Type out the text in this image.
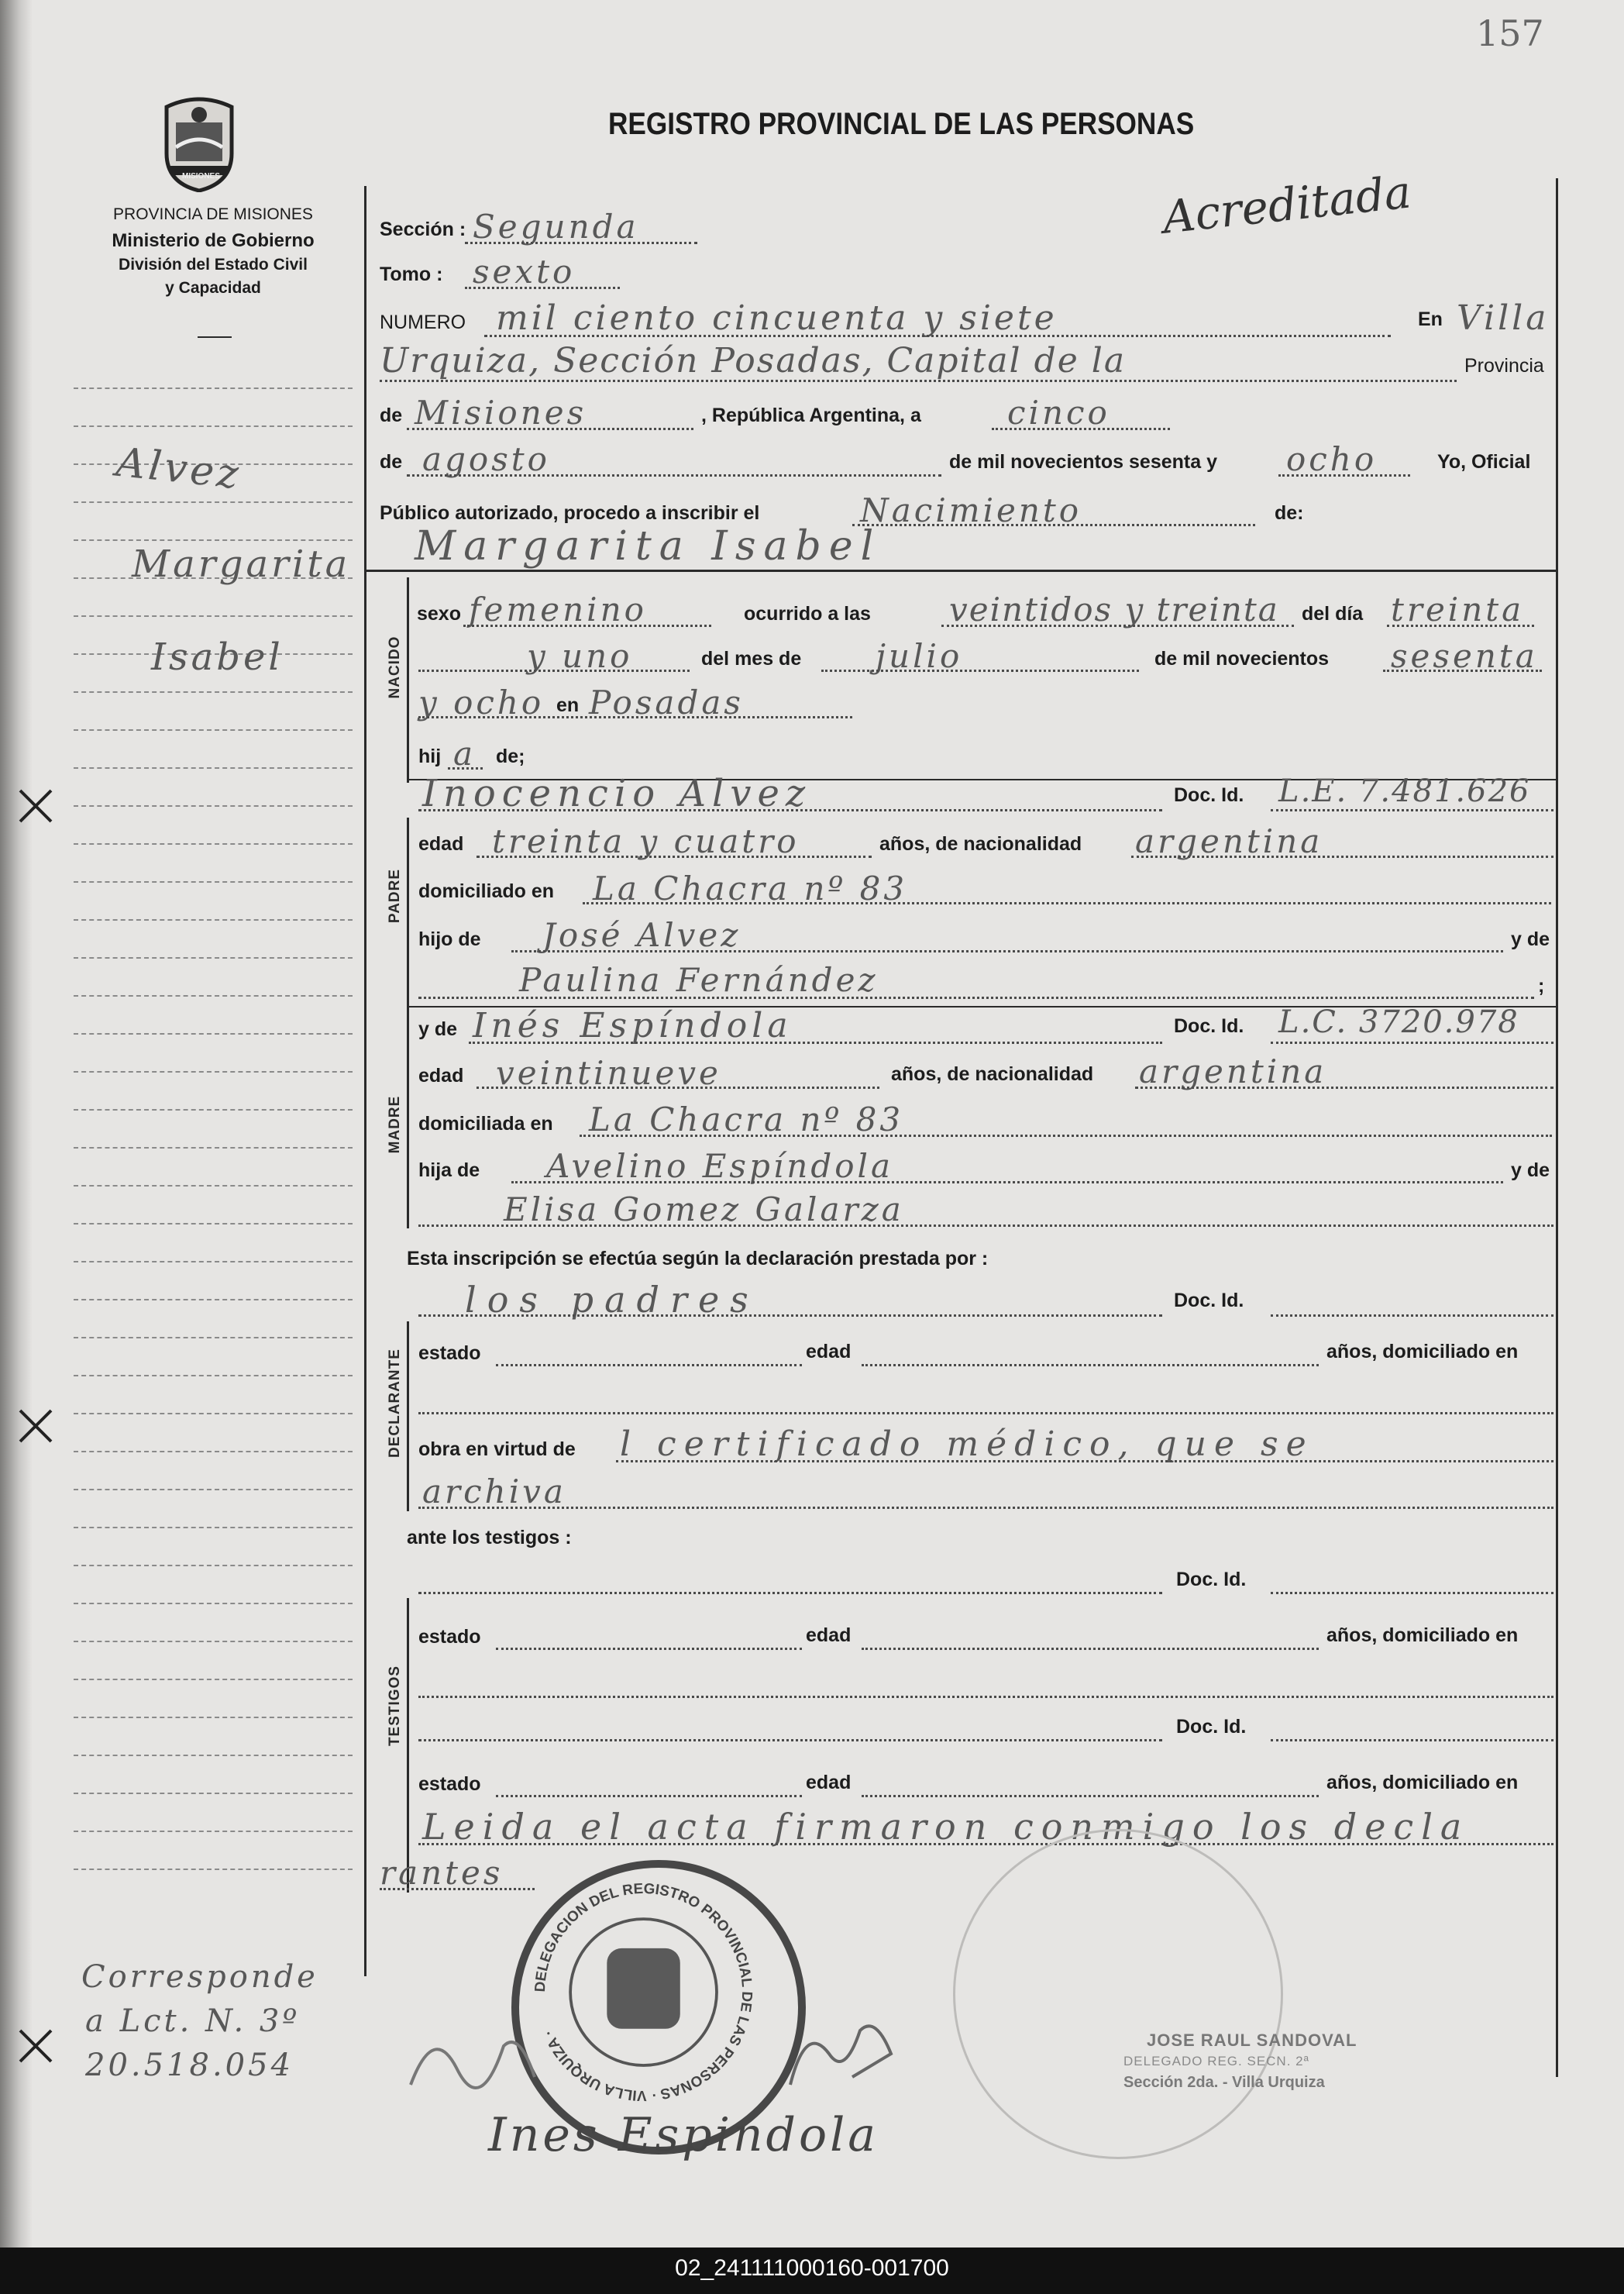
157
MISIONES
PROVINCIA DE MISIONES
Ministerio de Gobierno
División del Estado Civil
y Capacidad
REGISTRO PROVINCIAL DE LAS PERSONAS
Acreditada
Alvez
Margarita
Isabel
Corresponde
a Lct. N. 3º
20.518.054
Sección : Segunda
Tomo : sexto
NUMERO mil ciento cincuenta y siete	En Villa
Urquiza, Sección Posadas, Capital de la	Provincia
de Misiones	, República Argentina, a	cinco
de agosto	de mil novecientos sesenta y ocho	Yo, Oficial
Público autorizado, procedo a inscribir el	Nacimiento	de:
Margarita Isabel
NACIDO
sexo femenino	ocurrido a las veintidos y treinta del día treinta
y uno	del mes de julio	de mil novecientos sesenta
y ocho en Posadas
hij a de;
Inocencio Alvez	Doc. Id. L.E. 7.481.626
PADRE
edad treinta y cuatro	años, de nacionalidad argentina
domiciliado en La Chacra nº 83
hijo de José Alvez	y de
Paulina Fernández	;
MADRE
y de Inés Espíndola	Doc. Id. L.C. 3720.978
edad veintinueve	años, de nacionalidad argentina
domiciliada en La Chacra nº 83
hija de Avelino Espíndola	y de
Elisa Gomez Galarza
Esta inscripción se efectúa según la declaración prestada por :
los padres	Doc. Id.
DECLARANTE estado	edad	años, domiciliado en
obra en virtud de l certificado médico, que se
archiva
ante los testigos :
Doc. Id.
TESTIGOS
estado	edad	años, domiciliado en
Doc. Id.
estado	edad	años, domiciliado en
Leida el acta firmaron conmigo los decla
rantes
DELEGACION DEL REGISTRO PROVINCIAL DE LAS PERSONAS · VILLA URQUIZA ·
Ines Espindola
JOSE RAUL SANDOVAL
DELEGADO REG. SECN. 2ª
Sección 2da. - Villa Urquiza
02_241111000160-001700
